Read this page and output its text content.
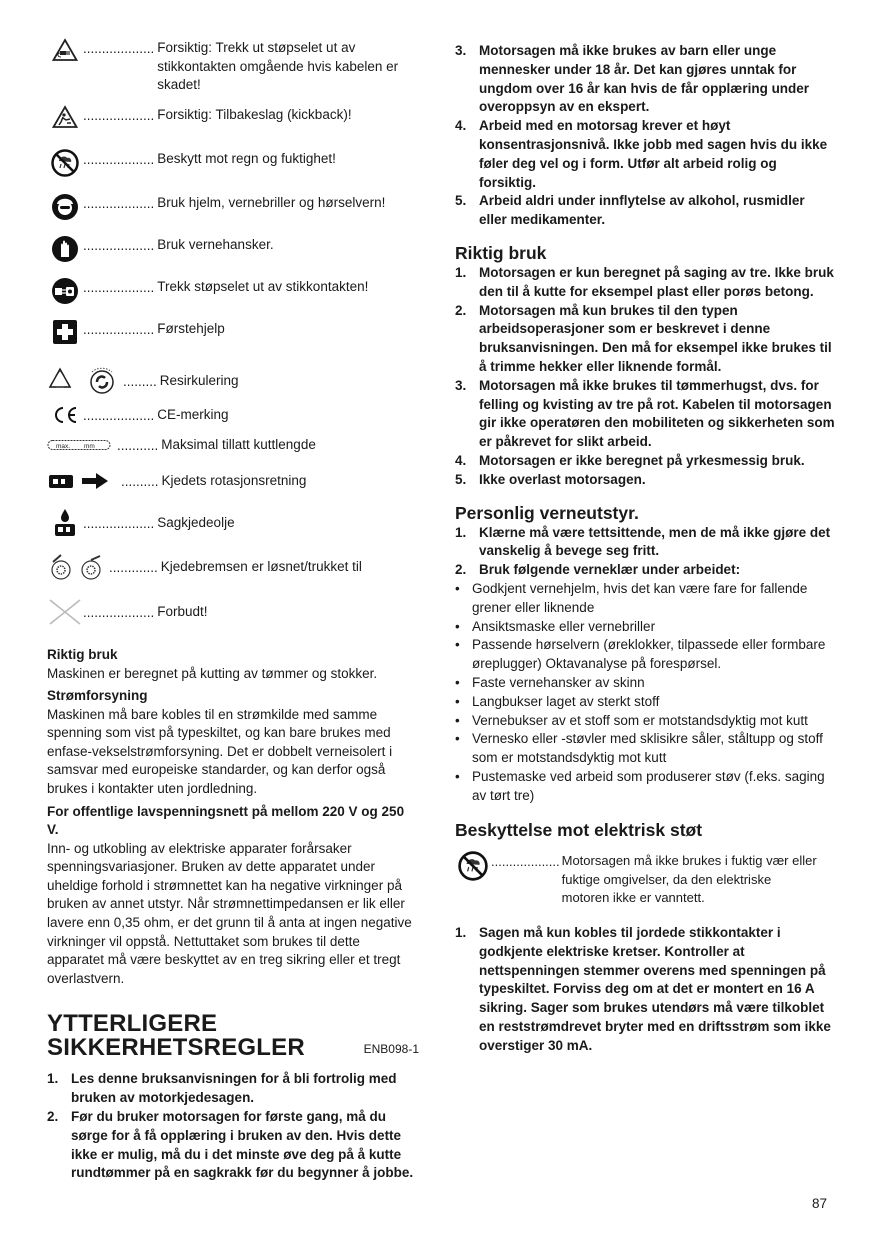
................... Forsiktig: Trekk ut støpselet ut av stikkontakten omgående hvis kabelen er skadet!
................... Forsiktig: Tilbakeslag (kickback)!
................... Beskytt mot regn og fuktighet!
................... Bruk hjelm, vernebriller og hørselvern!
................... Bruk vernehansker.
................... Trekk støpselet ut av stikkontakten!
................... Førstehjelp
......... Resirkulering
................... CE-merking
max. mm ........... Maksimal tillatt kuttlengde
.......... Kjedets rotasjonsretning
................... Sagkjedeolje
............. Kjedebremsen er løsnet/trukket til
................... Forbudt!
Riktig bruk

Maskinen er beregnet på kutting av tømmer og stokker.

Strømforsyning

Maskinen må bare kobles til en strømkilde med samme spenning som vist på typeskiltet, og kan bare brukes med enfase-vekselstrømforsyning. Det er dobbelt verneisolert i samsvar med europeiske standarder, og kan derfor også brukes i kontakter uten jordledning.

For offentlige lavspenningsnett på mellom 220 V og 250 V.

Inn- og utkobling av elektriske apparater forårsaker spenningsvariasjoner. Bruken av dette apparatet under uheldige forhold i strømnettet kan ha negative virkninger på bruken av annet utstyr. Når strømnettimpedansen er lik eller lavere enn 0,35 ohm, er det grunn til å anta at ingen negative virkninger vil oppstå. Nettuttaket som brukes til dette apparatet må være beskyttet av en treg sikring eller et tregt overlastvern.

YTTERLIGERE
SIKKERHETSREGLER	ENB098-1
1. Les denne bruksanvisningen for å bli fortrolig med bruken av motorkjedesagen.
2. Før du bruker motorsagen for første gang, må du sørge for å få opplæring i bruken av den. Hvis dette ikke er mulig, må du i det minste øve deg på å kutte rundtømmer på en sagkrakk før du begynner å jobbe.
3. Motorsagen må ikke brukes av barn eller unge mennesker under 18 år. Det kan gjøres unntak for ungdom over 16 år kan hvis de får opplæring under overoppsyn av en ekspert.
4. Arbeid med en motorsag krever et høyt konsentrasjonsnivå. Ikke jobb med sagen hvis du ikke føler deg vel og i form. Utfør alt arbeid rolig og forsiktig.
5. Arbeid aldri under innflytelse av alkohol, rusmidler eller medikamenter.
Riktig bruk
1. Motorsagen er kun beregnet på saging av tre. Ikke bruk den til å kutte for eksempel plast eller porøs betong.
2. Motorsagen må kun brukes til den typen arbeidsoperasjoner som er beskrevet i denne bruksanvisningen. Den må for eksempel ikke brukes til å trimme hekker eller liknende formål.
3. Motorsagen må ikke brukes til tømmerhugst, dvs. for felling og kvisting av tre på rot. Kabelen til motorsagen gir ikke operatøren den mobiliteten og sikkerheten som er påkrevet for slikt arbeid.
4. Motorsagen er ikke beregnet på yrkesmessig bruk.
5. Ikke overlast motorsagen.
Personlig verneutstyr.
1. Klærne må være tettsittende, men de må ikke gjøre det vanskelig å bevege seg fritt.
2. Bruk følgende verneklær under arbeidet:
• Godkjent vernehjelm, hvis det kan være fare for fallende grener eller liknende
• Ansiktsmaske eller vernebriller
• Passende hørselvern (øreklokker, tilpassede eller formbare øreplugger) Oktavanalyse på forespørsel.
• Faste vernehansker av skinn
• Langbukser laget av sterkt stoff
• Vernebukser av et stoff som er motstandsdyktig mot kutt
• Vernesko eller -støvler med sklisikre såler, ståltupp og stoff som er motstandsdyktig mot kutt
• Pustemaske ved arbeid som produserer støv (f.eks. saging av tørt tre)
Beskyttelse mot elektrisk støt
................... Motorsagen må ikke brukes i fuktig vær eller fuktige omgivelser, da den elektriske motoren ikke er vanntett.
1. Sagen må kun kobles til jordede stikkontakter i godkjente elektriske kretser. Kontroller at nettspenningen stemmer overens med spenningen på typeskiltet. Forviss deg om at det er montert en 16 A sikring. Sager som brukes utendørs må være tilkoblet en reststrømdrevet bryter med en driftsstrøm som ikke overstiger 30 mA.
87
